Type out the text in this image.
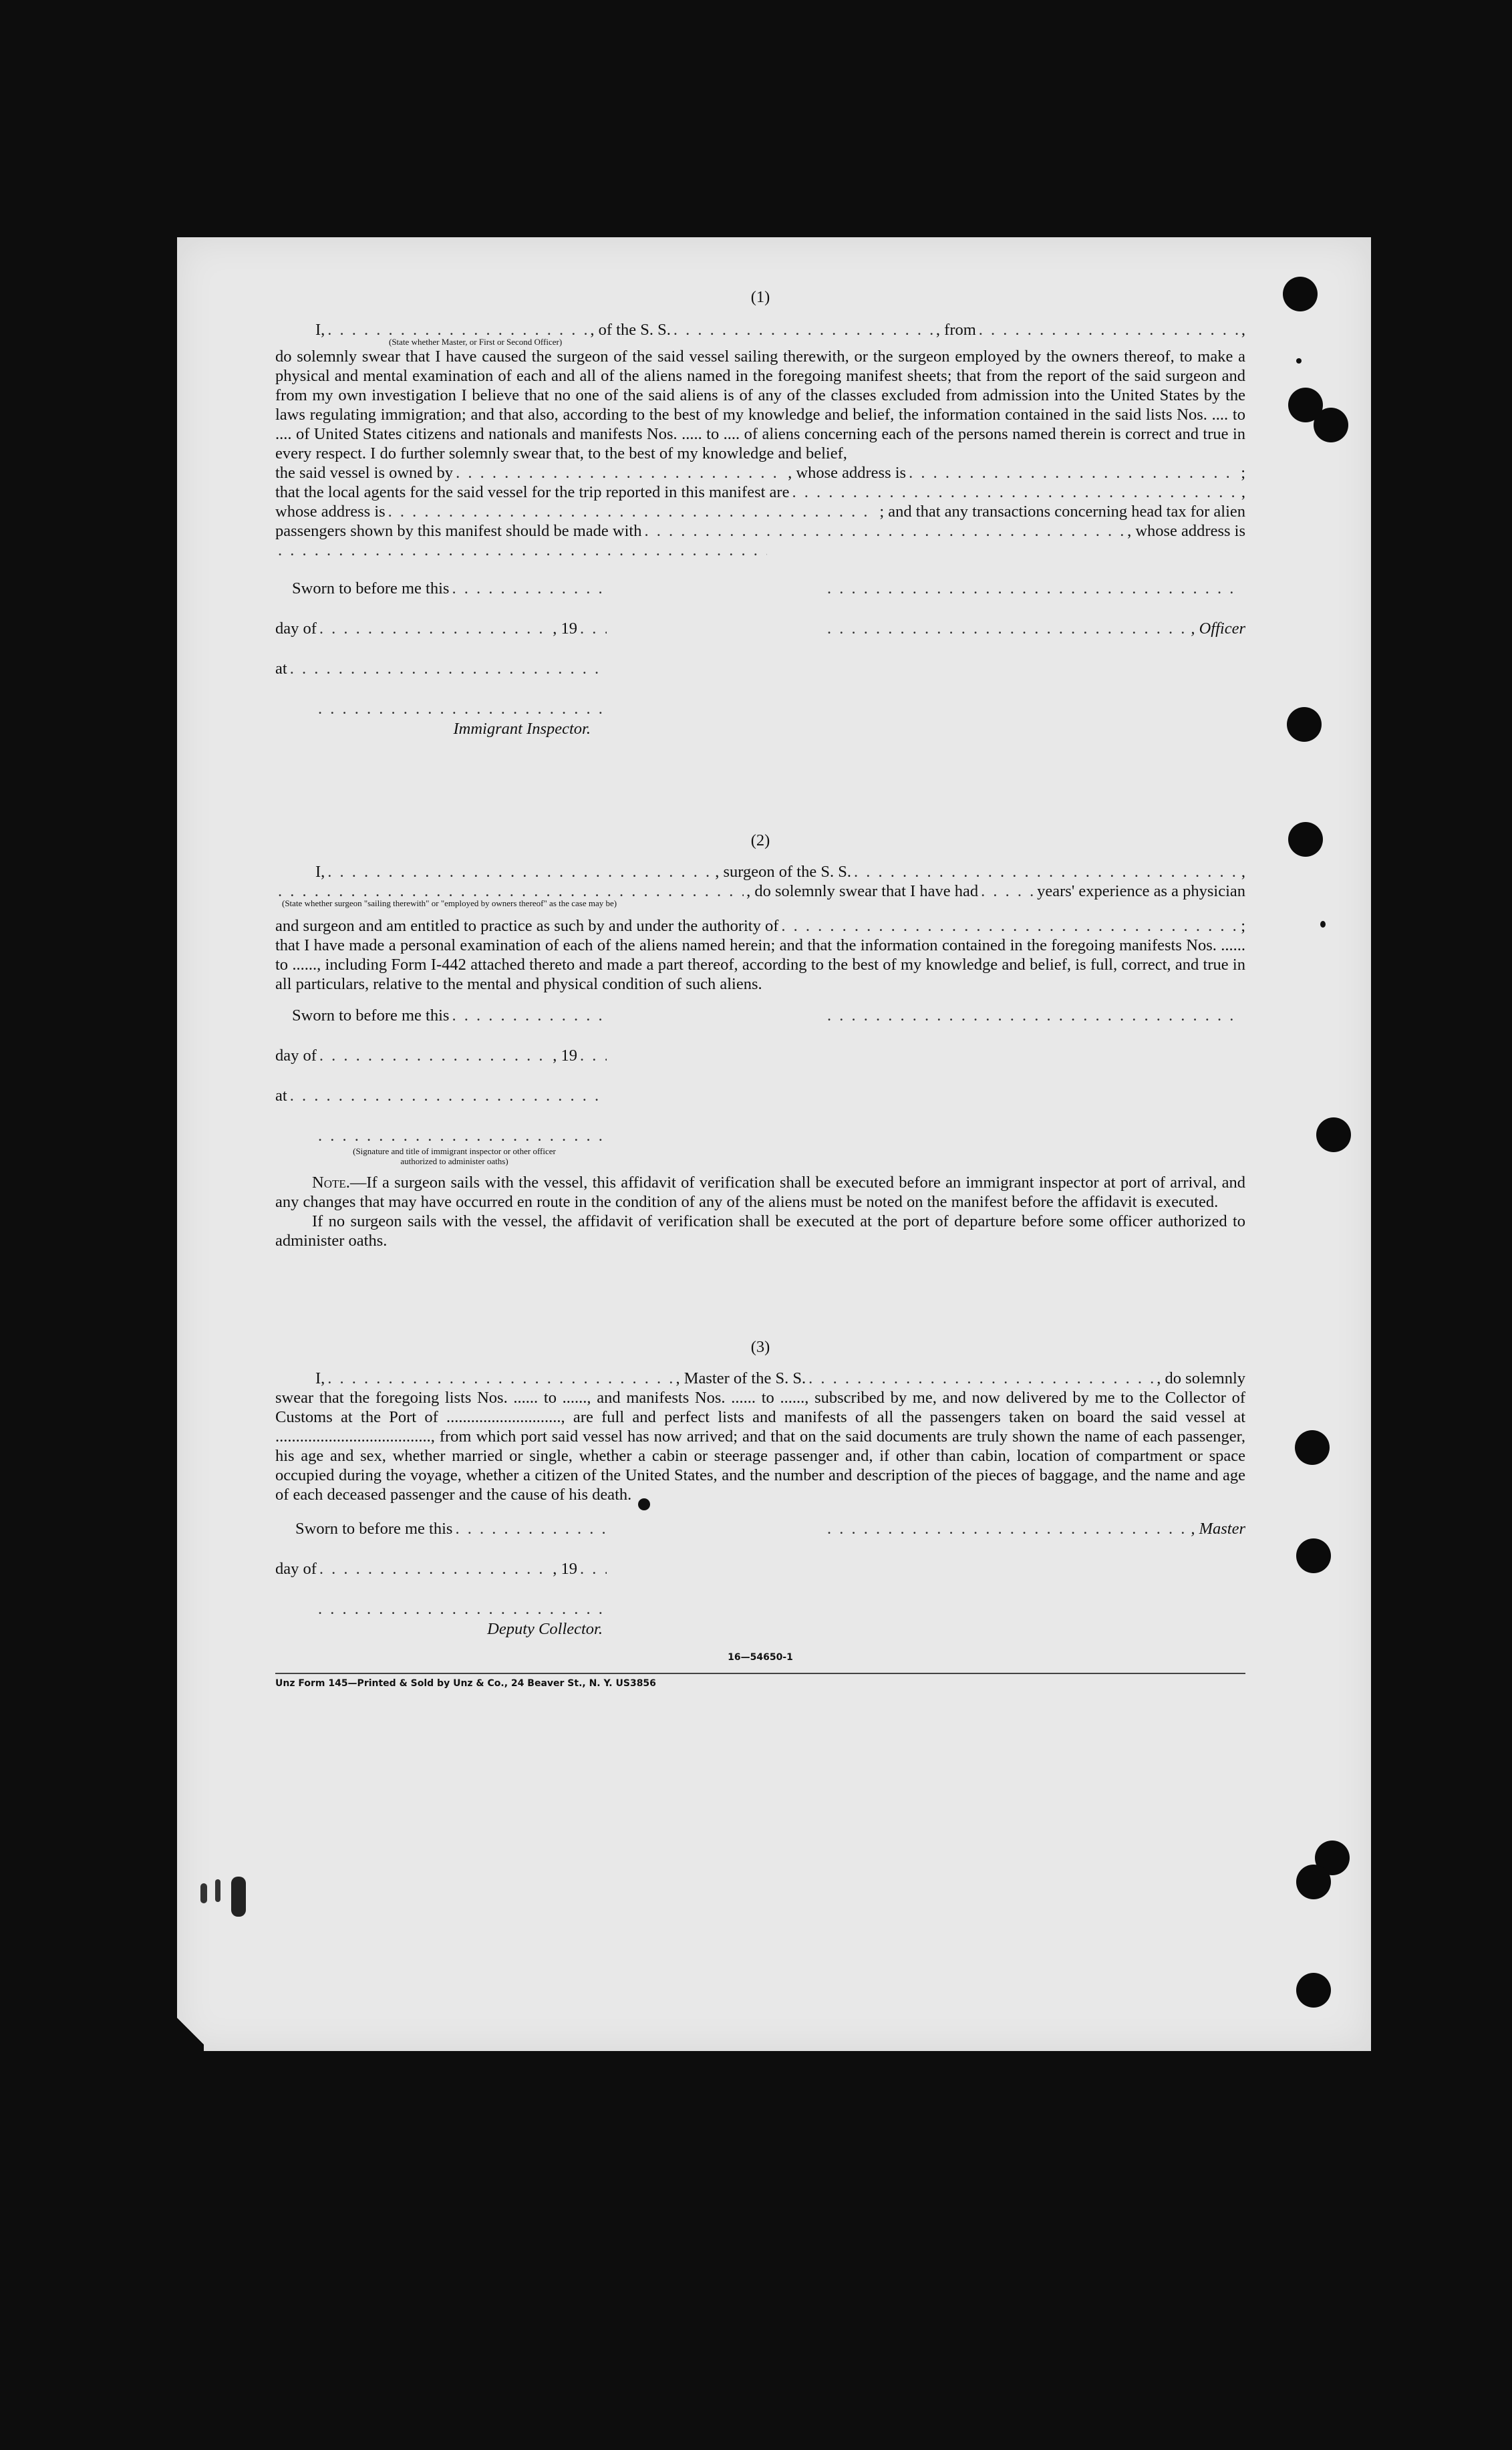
(1)

I, . . .	, of the S. S. . . .	, from . . .	,
(State whether Master, or First or Second Officer)

do solemnly swear that I have caused the surgeon of the said vessel sailing therewith, or the surgeon employed by the owners thereof, to make a physical and mental examination of each and all of the aliens named in the foregoing manifest sheets; that from the report of the said surgeon and from my own investigation I believe that no one of the said aliens is of any of the classes excluded from admission into the United States by the laws regulating immigration; and that also, according to the best of my knowledge and belief, the information contained in the said lists Nos. .... to .... of United States citizens and nationals and manifests Nos. ..... to .... of aliens concerning each of the persons named therein is correct and true in every respect. I do further solemnly swear that, to the best of my knowledge and belief,

the said vessel is owned by . . .	, whose address is . . .	;
that the local agents for the said vessel for the trip reported in this manifest are . . .	,
whose address is . . .	; and that any transactions concerning head tax for alien
passengers shown by this manifest should be made with . . .	, whose address is
. . .
Sworn to before me this
. . .
day of . . .	, 19
. . .
at
. . .
. . .
Immigrant Inspector.
. . .
. . .
, Officer

(2)

I, . . .	, surgeon of the S. S. . . .	,
. . .
, do solemnly swear that I have had . . .	years' experience as a physician
(State whether surgeon "sailing therewith" or "employed by owners thereof" as the case may be)
and surgeon and am entitled to practice as such by and under the authority of . . .	;

that I have made a personal examination of each of the aliens named herein; and that the information contained in the foregoing manifests Nos. ...... to ......, including Form I-442 attached thereto and made a part thereof, according to the best of my knowledge and belief, is full, correct, and true in all particulars, relative to the mental and physical condition of such aliens.

Sworn to before me this
. . .
day of . . .	, 19
. . .
at
. . .
. . .
(Signature and title of immigrant inspector or other officer authorized to administer oaths)
. . .

Note.—If a surgeon sails with the vessel, this affidavit of verification shall be executed before an immigrant inspector at port of arrival, and any changes that may have occurred en route in the condition of any of the aliens must be noted on the manifest before the affidavit is executed.

If no surgeon sails with the vessel, the affidavit of verification shall be executed at the port of departure before some officer authorized to administer oaths.

(3)

I, . . .	, Master of the S. S. . . .	, do solemnly

swear that the foregoing lists Nos. ...... to ......, and manifests Nos. ...... to ......, subscribed by me, and now delivered by me to the Collector of Customs at the Port of ............................, are full and perfect lists and manifests of all the passengers taken on board the said vessel at ......................................, from which port said vessel has now arrived; and that on the said documents are truly shown the name of each passenger, his age and sex, whether married or single, whether a cabin or steerage passenger and, if other than cabin, location of compartment or space occupied during the voyage, whether a citizen of the United States, and the number and description of the pieces of baggage, and the name and age of each deceased passenger and the cause of his death.

Sworn to before me this
. . .
day of . . .	, 19
. . .
. . .
Deputy Collector.
. . .
, Master
16—54650-1
Unz Form 145—Printed & Sold by Unz & Co., 24 Beaver St., N. Y. US3856
